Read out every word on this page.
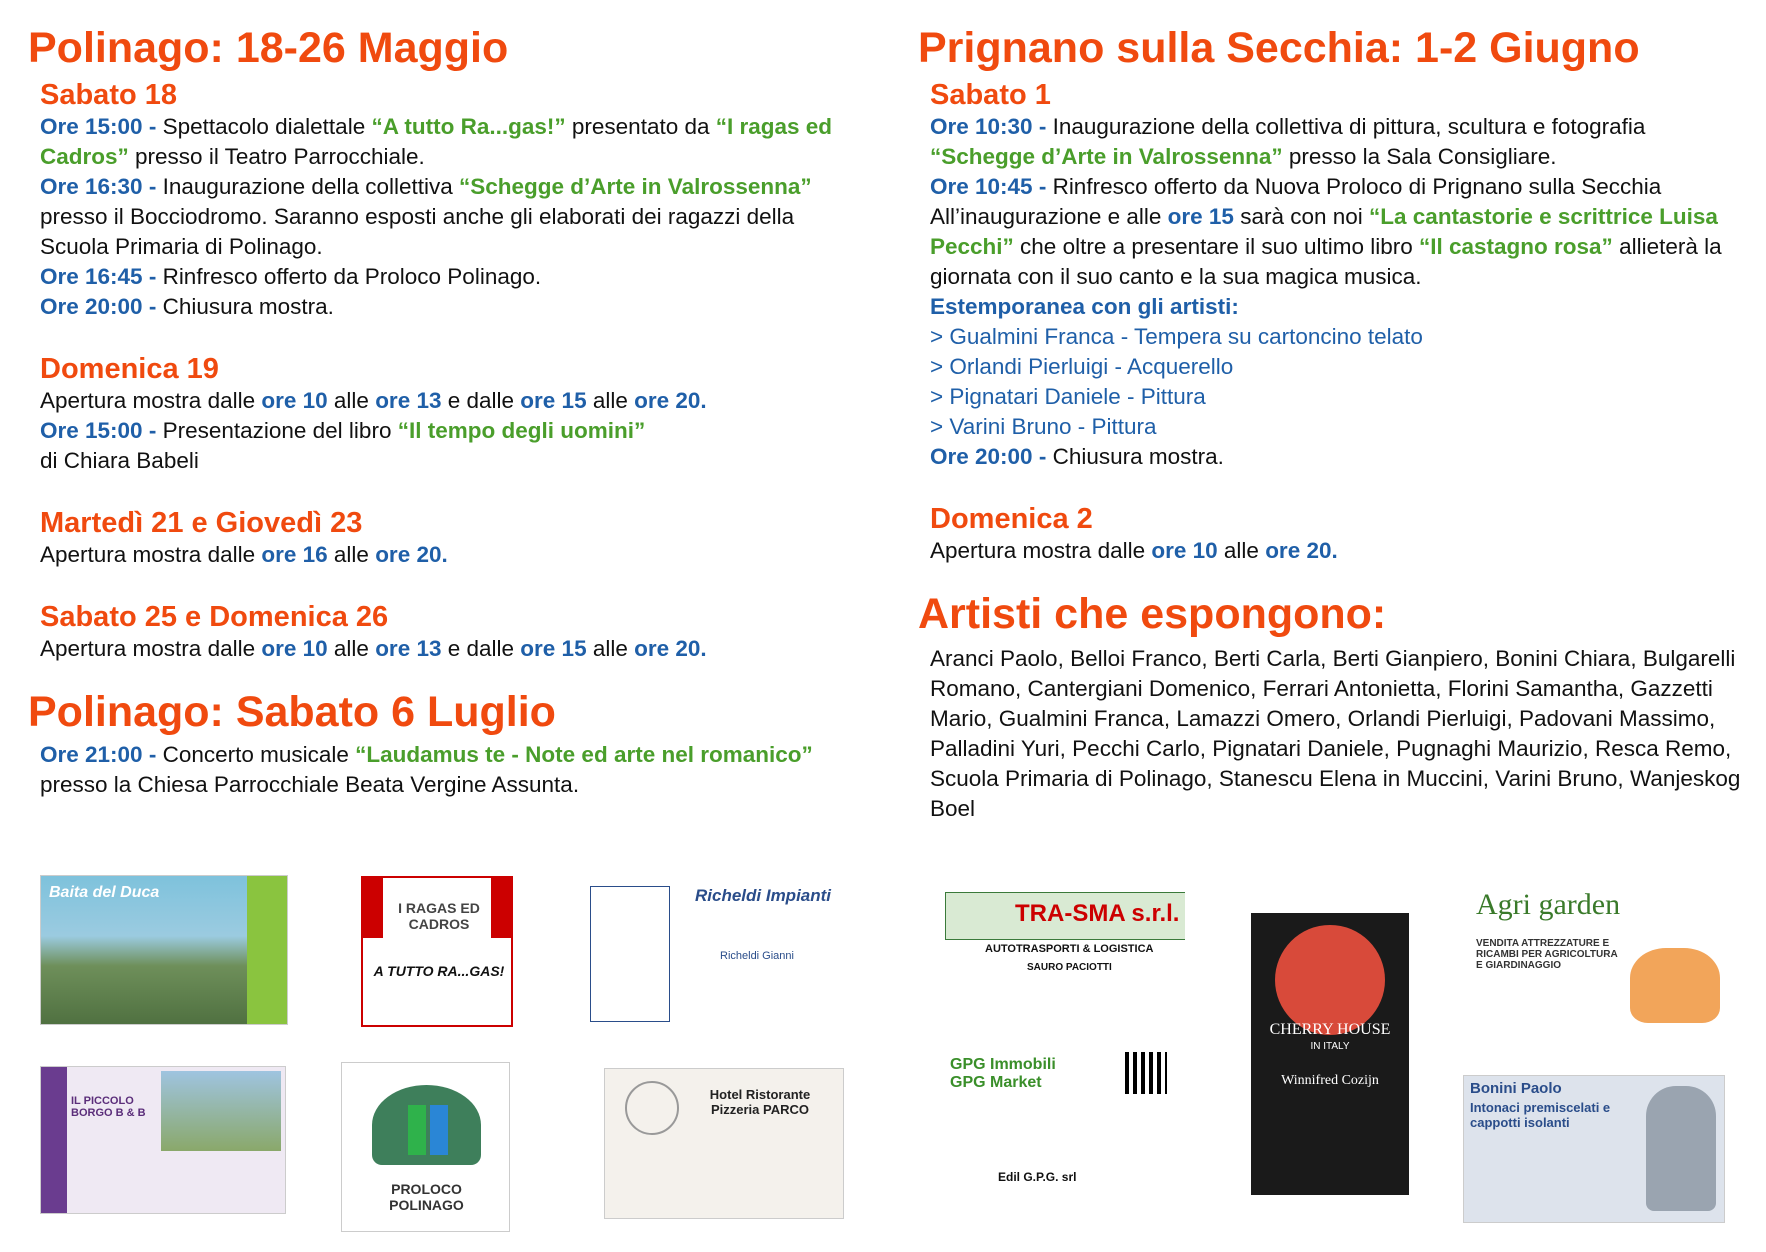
Polinago: 18-26 Maggio
Sabato 18

Ore 15:00 - Spettacolo dialettale “A tutto Ra...gas!” presentato da “I ragas ed Cadros” presso il Teatro Parrocchiale.

Ore 16:30 - Inaugurazione della collettiva “Schegge d’Arte in Valrossenna” presso il Bocciodromo. Saranno esposti anche gli elaborati dei ragazzi della Scuola Primaria di Polinago.

Ore 16:45 - Rinfresco offerto da Proloco Polinago.

Ore 20:00 - Chiusura mostra.

Domenica 19

Apertura mostra dalle ore 10 alle ore 13 e dalle ore 15 alle ore 20.

Ore 15:00 - Presentazione del libro “Il tempo degli uomini”

di Chiara Babeli

Martedì 21 e Giovedì 23

Apertura mostra dalle ore 16 alle ore 20.

Sabato 25 e Domenica 26

Apertura mostra dalle ore 10 alle ore 13 e dalle ore 15 alle ore 20.

Polinago: Sabato 6 Luglio

Ore 21:00 - Concerto musicale “Laudamus te - Note ed arte nel romanico” presso la Chiesa Parrocchiale Beata Vergine Assunta.

Prignano sulla Secchia: 1-2 Giugno
Sabato 1

Ore 10:30 - Inaugurazione della collettiva di pittura, scultura e fotografia “Schegge d’Arte in Valrossenna” presso la Sala Consigliare.

Ore 10:45 - Rinfresco offerto da Nuova Proloco di Prignano sulla Secchia

All’inaugurazione e alle ore 15 sarà con noi “La cantastorie e scrittrice Luisa Pecchi” che oltre a presentare il suo ultimo libro “Il castagno rosa” allieterà la giornata con il suo canto e la sua magica musica.

Estemporanea con gli artisti:

> Gualmini Franca - Tempera su cartoncino telato

> Orlandi Pierluigi - Acquerello

> Pignatari Daniele - Pittura

> Varini Bruno - Pittura

Ore 20:00 - Chiusura mostra.

Domenica 2

Apertura mostra dalle ore 10 alle ore 20.

Artisti che espongono:

Aranci Paolo, Belloi Franco, Berti Carla, Berti Gianpiero, Bonini Chiara, Bulgarelli Romano, Cantergiani Domenico, Ferrari Antonietta, Florini Samantha, Gazzetti Mario, Gualmini Franca, Lamazzi Omero, Orlandi Pierluigi, Padovani Massimo, Palladini Yuri, Pecchi Carlo, Pignatari Daniele, Pugnaghi Maurizio, Resca Remo, Scuola Primaria di Polinago, Stanescu Elena in Muccini, Varini Bruno, Wanjeskog Boel

Baita del Duca
I RAGAS ED CADROS
A TUTTO RA...GAS!
Richeldi Impianti
Richeldi Gianni
IL PICCOLO BORGO B & B
PROLOCO POLINAGO
Hotel Ristorante Pizzeria PARCO
TRA-SMA s.r.l.
AUTOTRASPORTI & LOGISTICA
SAURO PACIOTTI
GPG Immobili GPG Market
Edil G.P.G. srl
CHERRY HOUSE
IN ITALY
Winnifred Cozijn
Agri garden
VENDITA ATTREZZATURE E RICAMBI PER AGRICOLTURA E GIARDINAGGIO
Bonini Paolo
Intonaci premiscelati e cappotti isolanti
